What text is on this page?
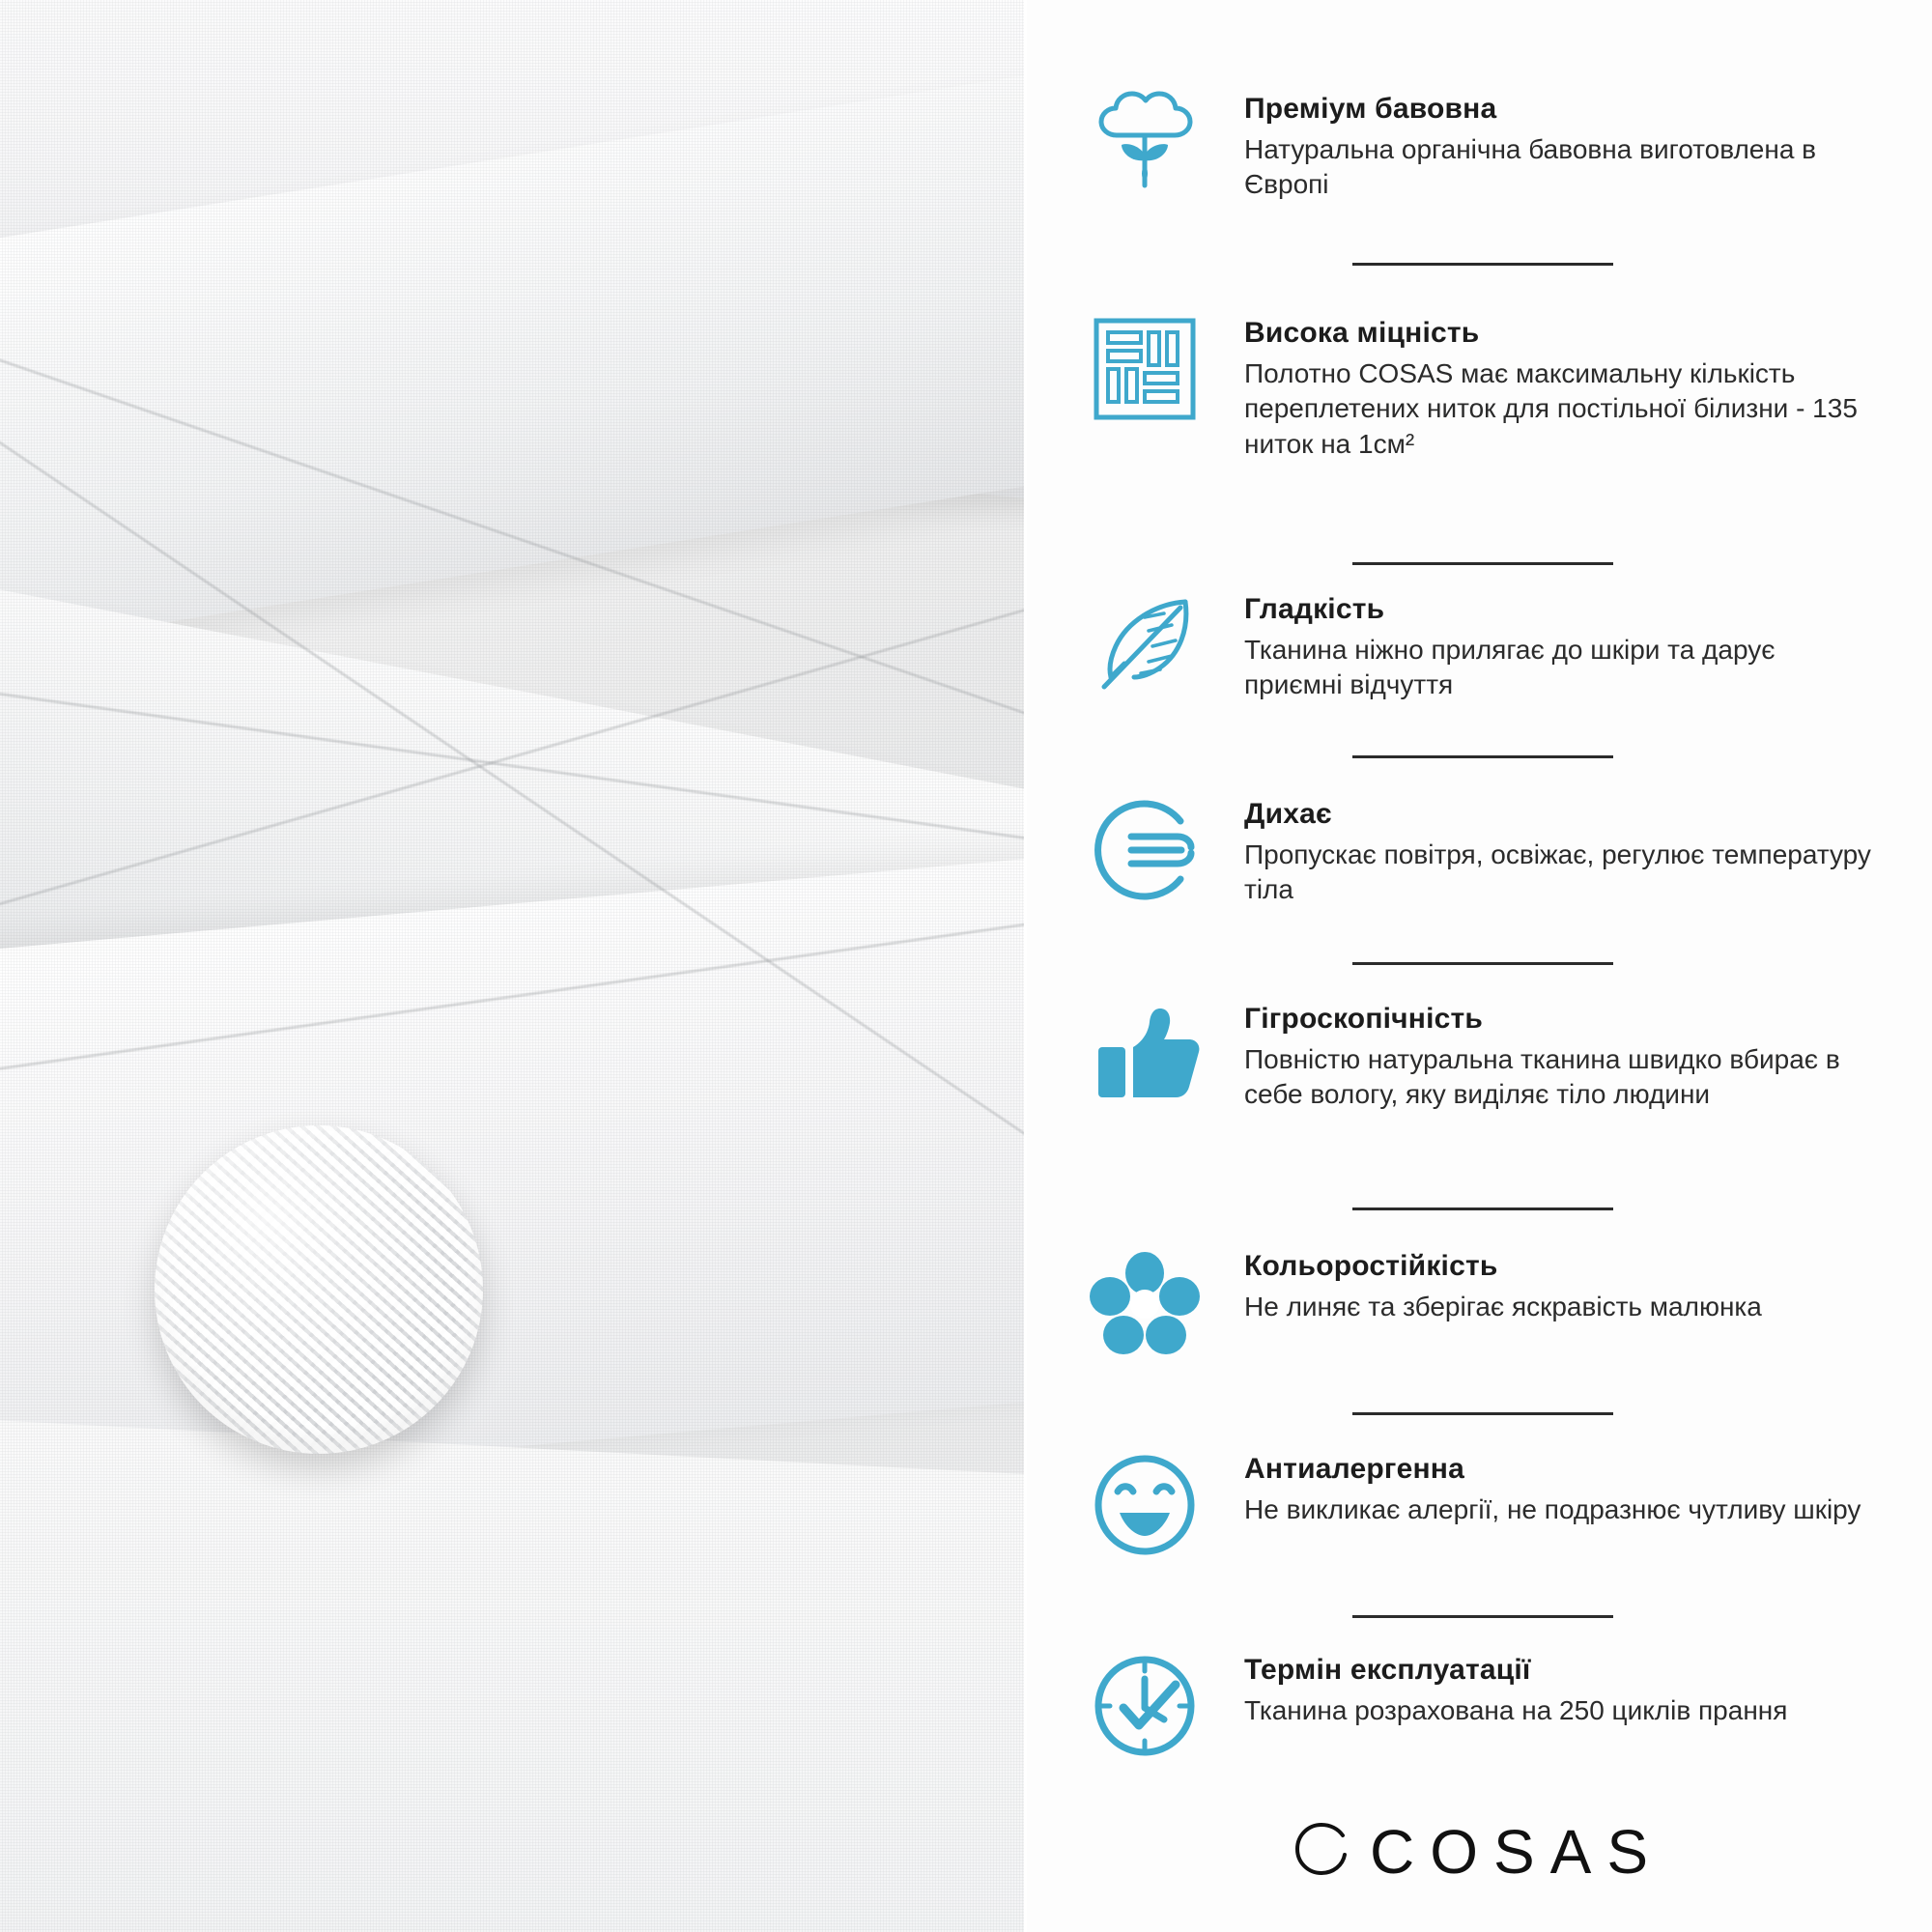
Преміум бавовна

Натуральна органічна бавовна виготовлена в Європі

Висока міцність

Полотно COSAS має максимальну кількість переплетених ниток для постільної білизни - 135 ниток на 1см²

Гладкість

Тканина ніжно прилягає до шкіри та дарує приємні відчуття

Дихає

Пропускає повітря, освіжає, регулює температуру тіла

Гігроскопічність

Повністю натуральна тканина швидко вбирає в себе вологу, яку виділяє тіло людини

Кольоростійкість

Не линяє та зберігає яскравість малюнка

Антиалергенна

Не викликає алергії, не подразнює чутливу шкіру

Термін експлуатації

Тканина розрахована на 250 циклів прання

COSAS
